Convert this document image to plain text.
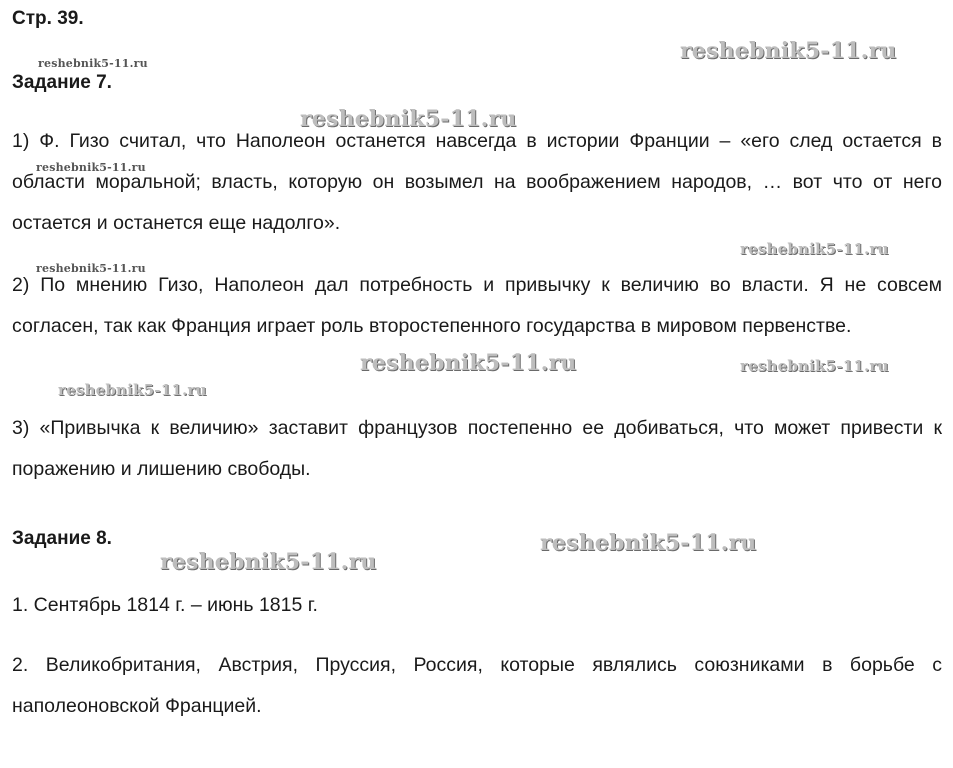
Стр. 39.
Задание 7.
1) Ф. Гизо считал, что Наполеон останется навсегда в истории Франции – «его след остается в области моральной; власть, которую он возымел на воображением народов, … вот что от него остается и останется еще надолго».
2) По мнению Гизо, Наполеон дал потребность и привычку к величию во власти. Я не совсем согласен, так как Франция играет роль второстепенного государства в мировом первенстве.
3) «Привычка к величию» заставит французов постепенно ее добиваться, что может привести к поражению и лишению свободы.
Задание 8.
1. Сентябрь 1814 г. – июнь 1815 г.
2. Великобритания, Австрия, Пруссия, Россия, которые являлись союзниками в борьбе с наполеоновской Францией.
reshebnik5-11.ru
reshebnik5-11.ru
reshebnik5-11.ru
reshebnik5-11.ru
reshebnik5-11.ru
reshebnik5-11.ru
reshebnik5-11.ru	reshebnik5-11.ru
reshebnik5-11.ru
reshebnik5-11.ru
reshebnik5-11.ru
